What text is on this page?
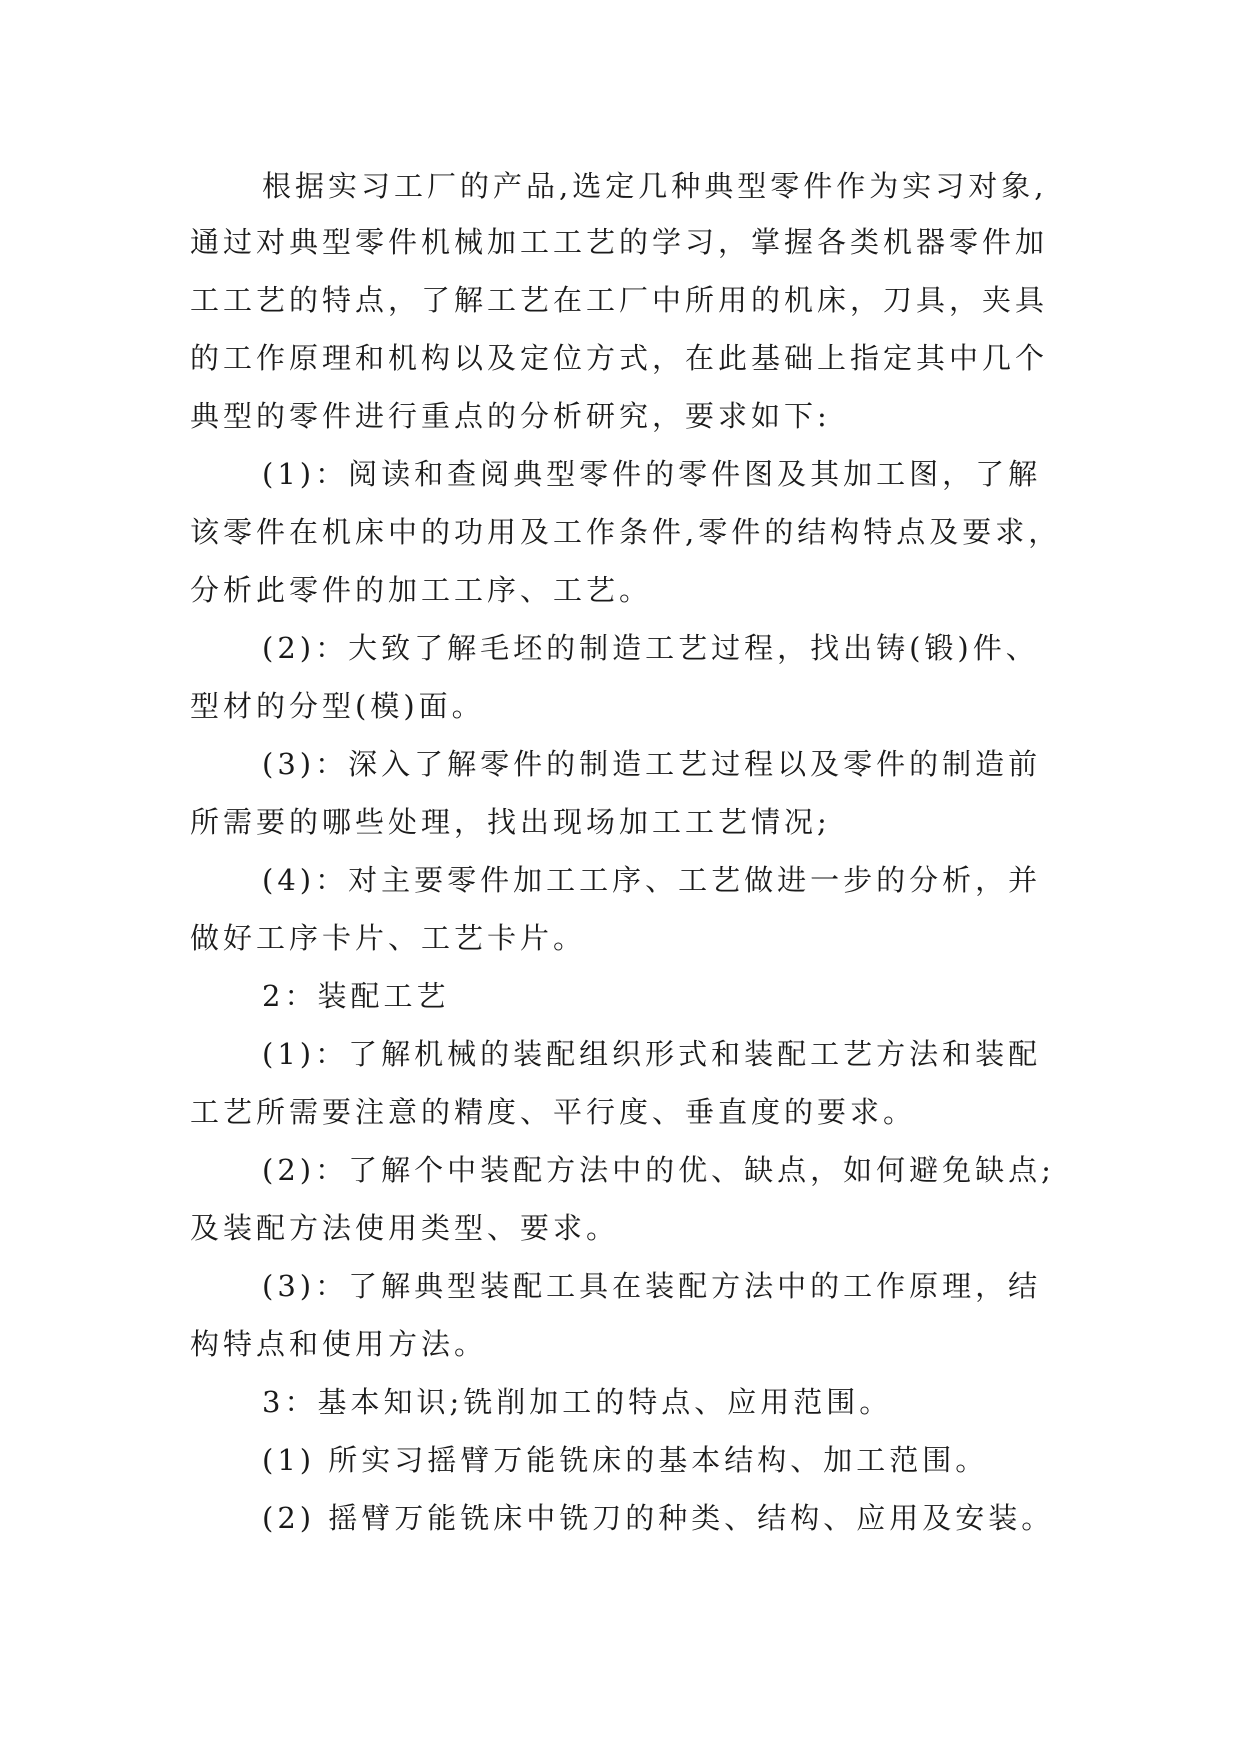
根据实习工厂的产品,选定几种典型零件作为实习对象,
通过对典型零件机械加工工艺的学习，掌握各类机器零件加
工工艺的特点，了解工艺在工厂中所用的机床，刀具，夹具
的工作原理和机构以及定位方式，在此基础上指定其中几个
典型的零件进行重点的分析研究，要求如下:
(1)：阅读和查阅典型零件的零件图及其加工图，了解
该零件在机床中的功用及工作条件,零件的结构特点及要求，
分析此零件的加工工序、工艺。
(2)：大致了解毛坯的制造工艺过程，找出铸(锻)件、
型材的分型(模)面。
(3)：深入了解零件的制造工艺过程以及零件的制造前
所需要的哪些处理，找出现场加工工艺情况;
(4)：对主要零件加工工序、工艺做进一步的分析，并
做好工序卡片、工艺卡片。
2：装配工艺
(1)：了解机械的装配组织形式和装配工艺方法和装配
工艺所需要注意的精度、平行度、垂直度的要求。
(2)：了解个中装配方法中的优、缺点，如何避免缺点;
及装配方法使用类型、要求。
(3)：了解典型装配工具在装配方法中的工作原理，结
构特点和使用方法。
3：基本知识;铣削加工的特点、应用范围。
(1) 所实习摇臂万能铣床的基本结构、加工范围。
(2) 摇臂万能铣床中铣刀的种类、结构、应用及安装。
